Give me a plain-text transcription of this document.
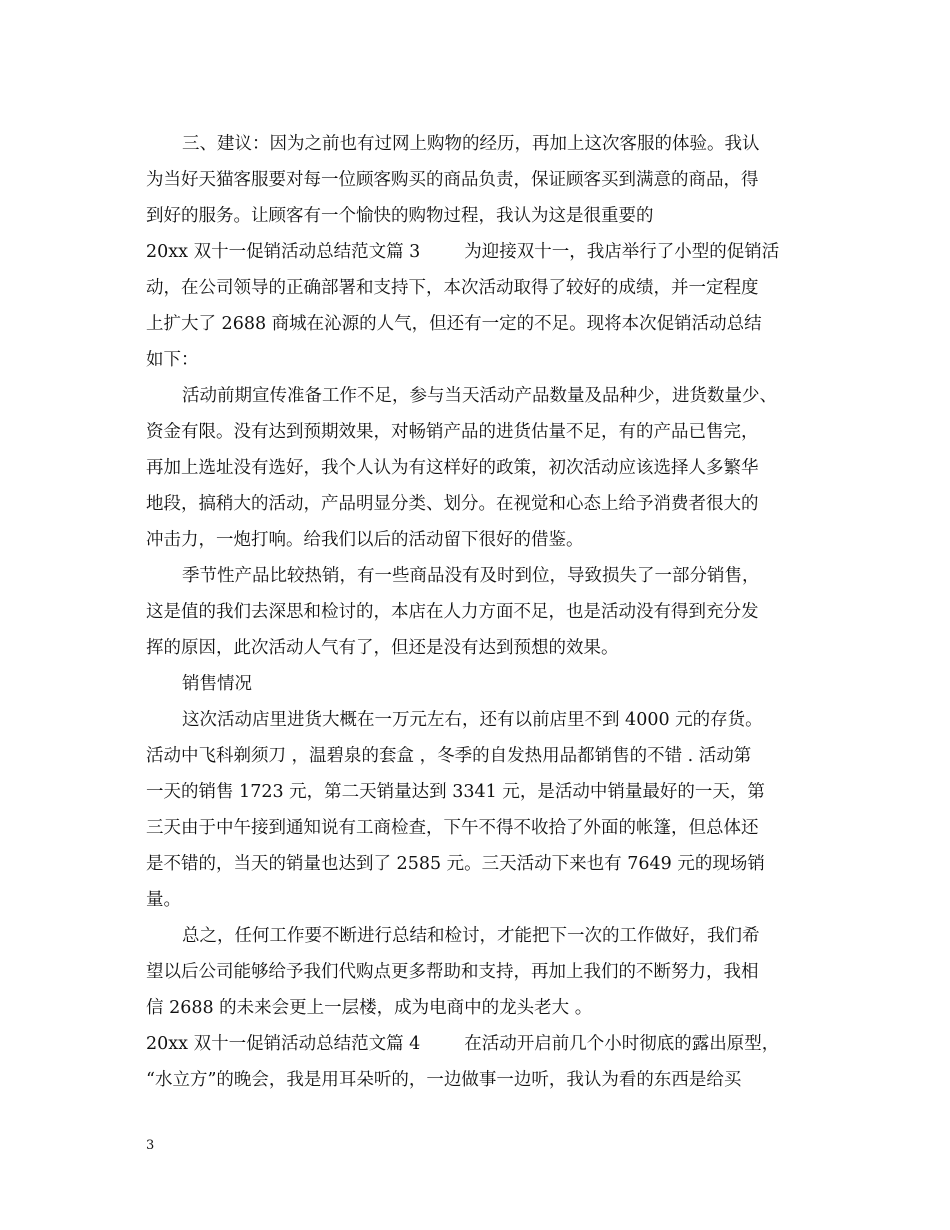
三、建议：因为之前也有过网上购物的经历，再加上这次客服的体验。我认
为当好天猫客服要对每一位顾客购买的商品负责，保证顾客买到满意的商品，得
到好的服务。让顾客有一个愉快的购物过程，我认为这是很重要的
20xx 双十一促销活动总结范文篇 3	为迎接双十一，我店举行了小型的促销活
动，在公司领导的正确部署和支持下，本次活动取得了较好的成绩，并一定程度
上扩大了 2688 商城在沁源的人气，但还有一定的不足。现将本次促销活动总结
如下：
活动前期宣传准备工作不足，参与当天活动产品数量及品种少，进货数量少、
资金有限。没有达到预期效果，对畅销产品的进货估量不足，有的产品已售完，
再加上选址没有选好，我个人认为有这样好的政策，初次活动应该选择人多繁华
地段，搞稍大的活动，产品明显分类、划分。在视觉和心态上给予消费者很大的
冲击力，一炮打响。给我们以后的活动留下很好的借鉴。
季节性产品比较热销，有一些商品没有及时到位，导致损失了一部分销售，
这是值的我们去深思和检讨的，本店在人力方面不足，也是活动没有得到充分发
挥的原因，此次活动人气有了，但还是没有达到预想的效果。
销售情况
这次活动店里进货大概在一万元左右，还有以前店里不到 4000 元的存货。
活动中飞科剃须刀 ，温碧泉的套盒 ，冬季的自发热用品都销售的不错 . 活动第
一天的销售 1723 元，第二天销量达到 3341 元，是活动中销量最好的一天，第
三天由于中午接到通知说有工商检查，下午不得不收拾了外面的帐篷，但总体还
是不错的，当天的销量也达到了 2585 元。三天活动下来也有 7649 元的现场销
量。
总之，任何工作要不断进行总结和检讨，才能把下一次的工作做好，我们希
望以后公司能够给予我们代购点更多帮助和支持，再加上我们的不断努力，我相
信 2688 的未来会更上一层楼，成为电商中的龙头老大 。
20xx 双十一促销活动总结范文篇 4	在活动开启前几个小时彻底的露出原型，
“水立方”的晚会，我是用耳朵听的，一边做事一边听，我认为看的东西是给买
3
